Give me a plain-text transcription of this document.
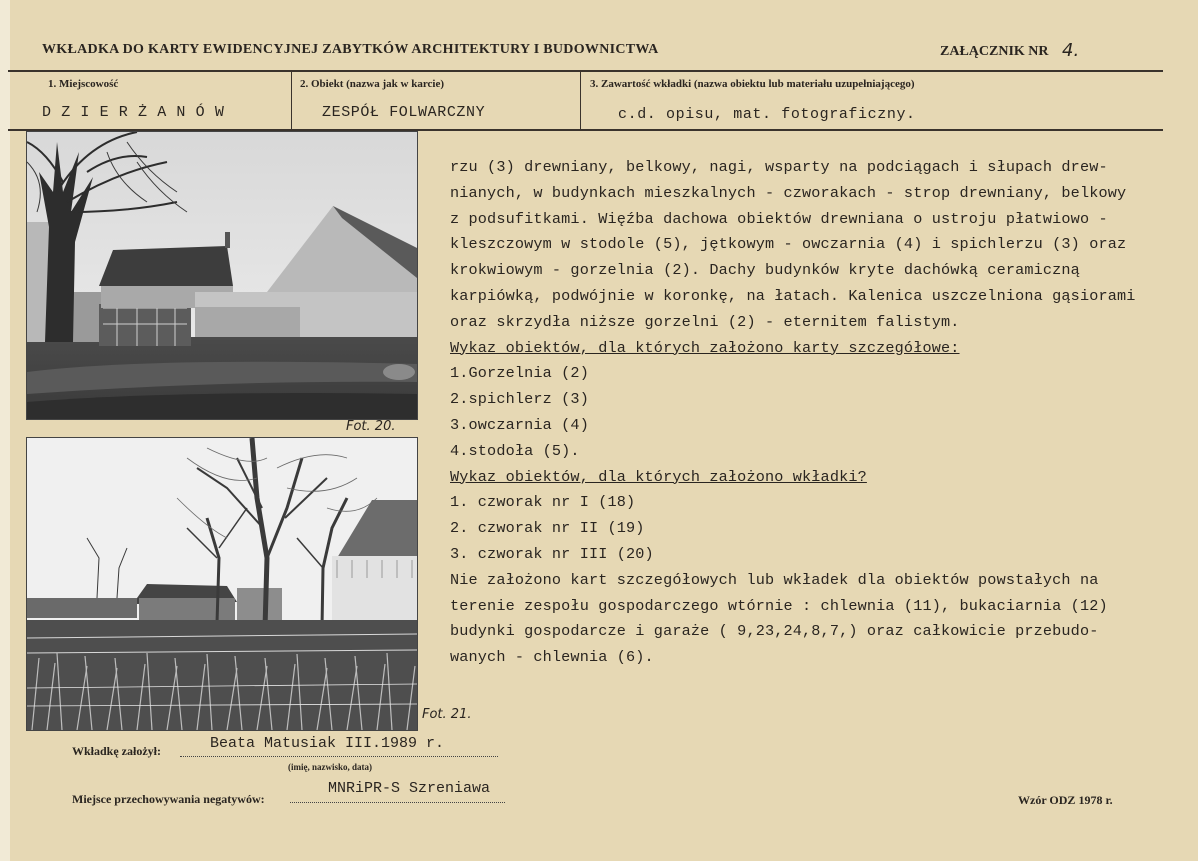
WKŁADKA DO KARTY EWIDENCYJNEJ ZABYTKÓW ARCHITEKTURY I BUDOWNICTWA	ZAŁĄCZNIK NR 4.
1. Miejscowość	2. Obiekt (nazwa jak w karcie)	3. Zawartość wkładki (nazwa obiektu lub materiału uzupełniającego)
D Z I E R Ż A N Ó W	ZESPÓŁ FOLWARCZNY	c.d. opisu, mat. fotograficzny.
Fot. 20.
Fot. 21.
rzu (3) drewniany, belkowy, nagi, wsparty na podciągach i słupach drew-
nianych, w budynkach mieszkalnych - czworakach - strop drewniany, belkowy
z podsufitkami. Więźba dachowa obiektów drewniana o ustroju płatwiowo -
kleszczowym w stodole (5), jętkowym - owczarnia (4) i spichlerzu (3) oraz
krokwiowym - gorzelnia (2). Dachy budynków kryte dachówką ceramiczną
karpiówką, podwójnie w koronkę, na łatach. Kalenica uszczelniona gąsiorami
oraz skrzydła niższe gorzelni (2) - eternitem falistym.
Wykaz obiektów, dla których założono karty szczegółowe:
1.Gorzelnia (2)
2.spichlerz (3)
3.owczarnia (4)
4.stodoła (5).
Wykaz obiektów, dla których założono wkładki?
1. czworak nr I (18)
2. czworak nr II (19)
3. czworak nr III (20)
Nie założono kart szczegółowych lub wkładek dla obiektów powstałych na
terenie zespołu gospodarczego wtórnie : chlewnia (11), bukaciarnia (12)
budynki gospodarcze i garaże ( 9,23,24,8,7,) oraz całkowicie przebudo-
wanych - chlewnia (6).
Wkładkę założył:	Beata Matusiak III.1989 r.
(imię, nazwisko, data)
Miejsce przechowywania negatywów:
MNRiPR-S Szreniawa
Wzór ODZ 1978 r.
